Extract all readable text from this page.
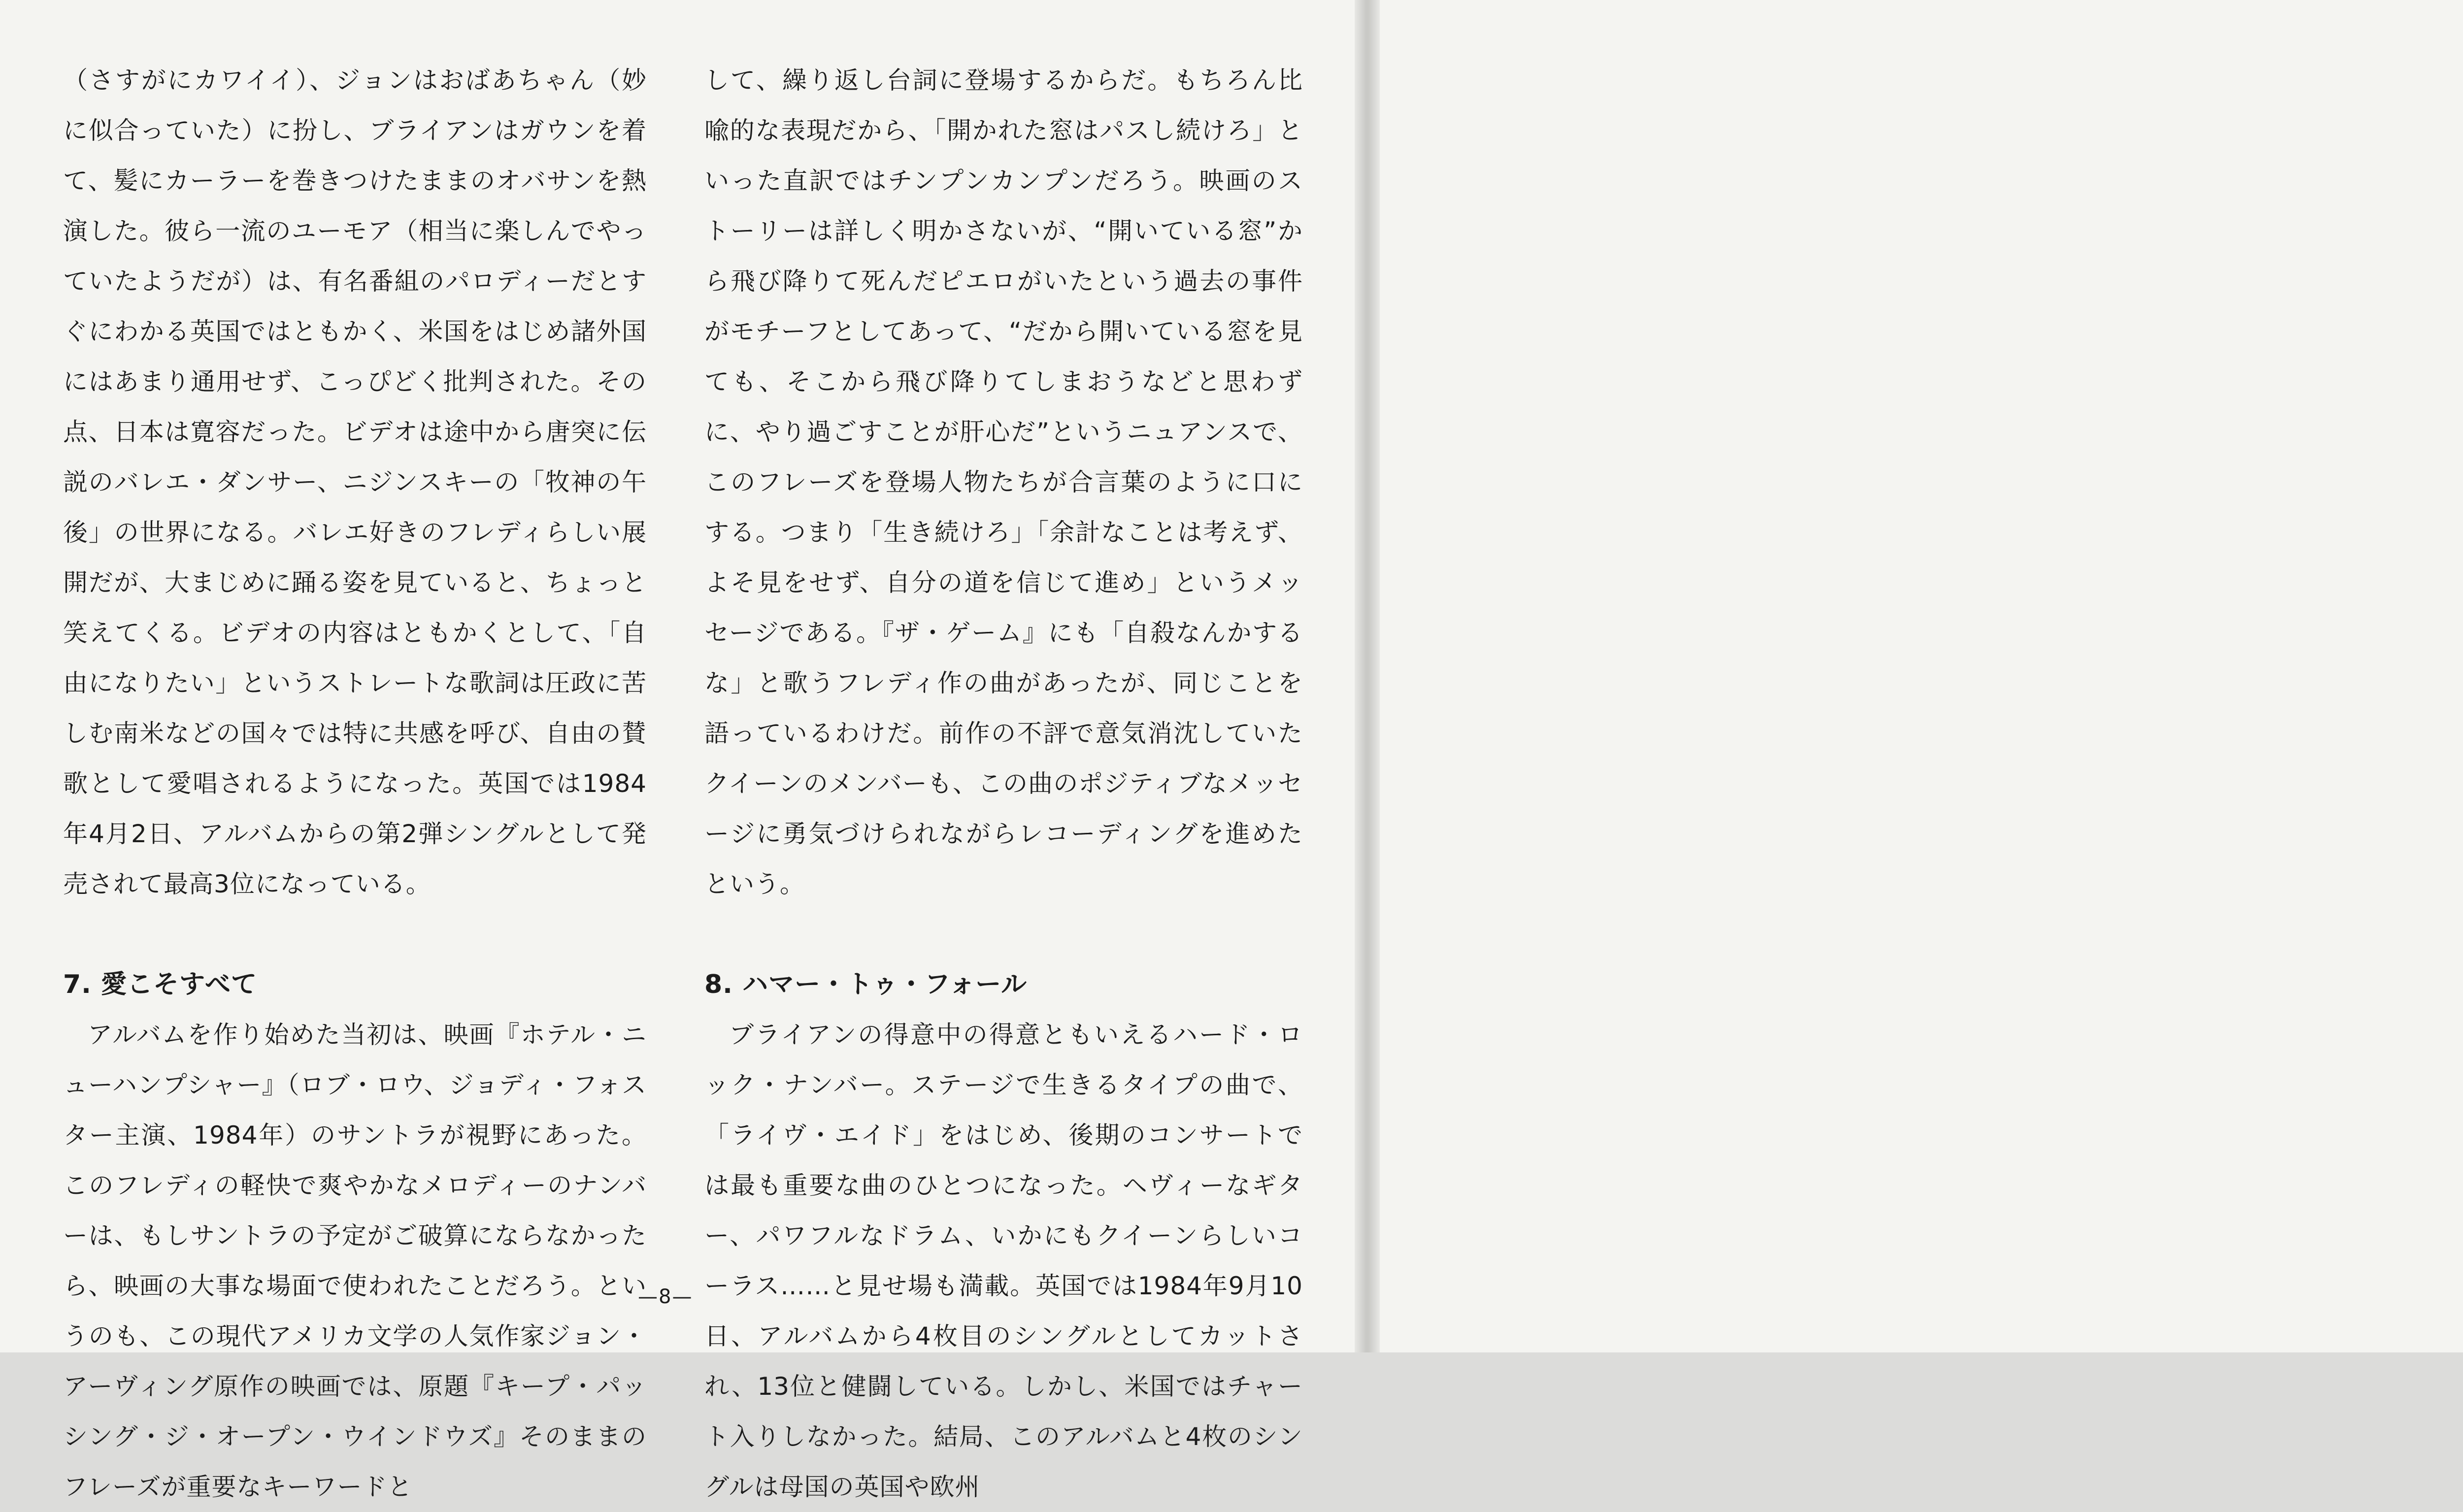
（さすがにカワイイ）、ジョンはおばあちゃん（妙に似合っていた）に扮し、ブライアンはガウンを着て、髪にカーラーを巻きつけたままのオバサンを熱演した。彼ら一流のユーモア（相当に楽しんでやっていたようだが）は、有名番組のパロディーだとすぐにわかる英国ではともかく、米国をはじめ諸外国にはあまり通用せず、こっぴどく批判された。その点、日本は寛容だった。ビデオは途中から唐突に伝説のバレエ・ダンサー、ニジンスキーの「牧神の午後」の世界になる。バレエ好きのフレディらしい展開だが、大まじめに踊る姿を見ていると、ちょっと笑えてくる。ビデオの内容はともかくとして、「自由になりたい」というストレートな歌詞は圧政に苦しむ南米などの国々では特に共感を呼び、自由の賛歌として愛唱されるようになった。英国では1984年4月2日、アルバムからの第2弾シングルとして発売されて最高3位になっている。

7. 愛こそすべて

アルバムを作り始めた当初は、映画『ホテル・ニューハンプシャー』（ロブ・ロウ、ジョディ・フォスター主演、1984年）のサントラが視野にあった。このフレディの軽快で爽やかなメロディーのナンバーは、もしサントラの予定がご破算にならなかったら、映画の大事な場面で使われたことだろう。というのも、この現代アメリカ文学の人気作家ジョン・アーヴィング原作の映画では、原題『キープ・パッシング・ジ・オープン・ウインドウズ』そのままのフレーズが重要なキーワードと

して、繰り返し台詞に登場するからだ。もちろん比喩的な表現だから、「開かれた窓はパスし続けろ」といった直訳ではチンプンカンプンだろう。映画のストーリーは詳しく明かさないが、“開いている窓”から飛び降りて死んだピエロがいたという過去の事件がモチーフとしてあって、“だから開いている窓を見ても、そこから飛び降りてしまおうなどと思わずに、やり過ごすことが肝心だ”というニュアンスで、このフレーズを登場人物たちが合言葉のように口にする。つまり「生き続けろ」「余計なことは考えず、よそ見をせず、自分の道を信じて進め」というメッセージである。『ザ・ゲーム』にも「自殺なんかするな」と歌うフレディ作の曲があったが、同じことを語っているわけだ。前作の不評で意気消沈していたクイーンのメンバーも、この曲のポジティブなメッセージに勇気づけられながらレコーディングを進めたという。

8. ハマー・トゥ・フォール

ブライアンの得意中の得意ともいえるハード・ロック・ナンバー。ステージで生きるタイプの曲で、「ライヴ・エイド」をはじめ、後期のコンサートでは最も重要な曲のひとつになった。ヘヴィーなギター、パワフルなドラム、いかにもクイーンらしいコーラス……と見せ場も満載。英国では1984年9月10日、アルバムから4枚目のシングルとしてカットされ、13位と健闘している。しかし、米国ではチャート入りしなかった。結局、このアルバムと4枚のシングルは母国の英国や欧州

—8—
